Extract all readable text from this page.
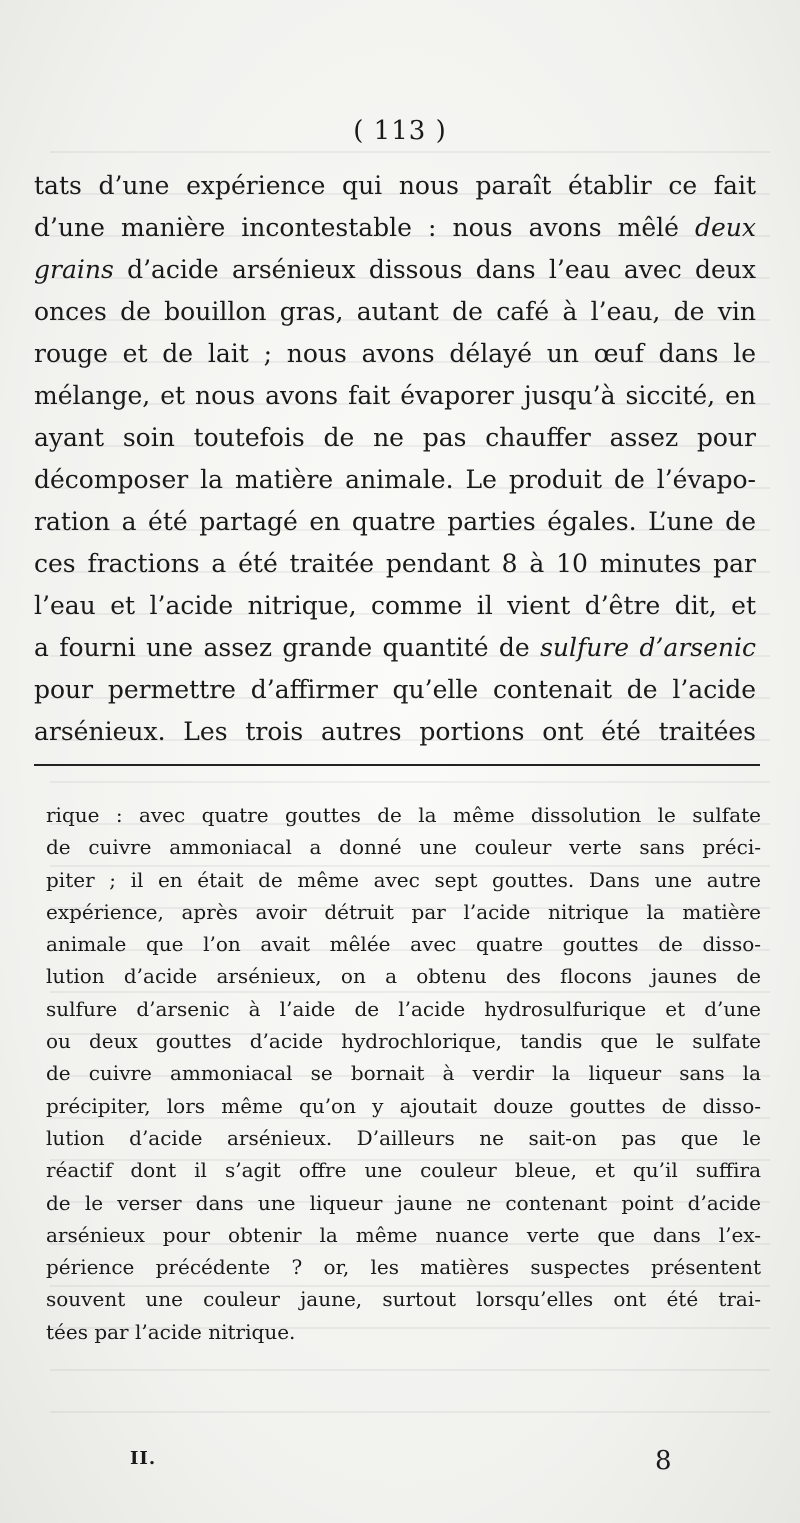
( 113 )
tats d’une expérience qui nous paraît établir ce fait
d’une manière incontestable : nous avons mêlé deux
grains d’acide arsénieux dissous dans l’eau avec deux
onces de bouillon gras, autant de café à l’eau, de vin
rouge et de lait ; nous avons délayé un œuf dans le
mélange, et nous avons fait évaporer jusqu’à siccité, en
ayant soin toutefois de ne pas chauffer assez pour
décomposer la matière animale. Le produit de l’évapo-
ration a été partagé en quatre parties égales. L’une de
ces fractions a été traitée pendant 8 à 10 minutes par
l’eau et l’acide nitrique, comme il vient d’être dit, et
a fourni une assez grande quantité de sulfure d’arsenic
pour permettre d’affirmer qu’elle contenait de l’acide
arsénieux. Les trois autres portions ont été traitées
rique : avec quatre gouttes de la même dissolution le sulfate
de cuivre ammoniacal a donné une couleur verte sans préci-
piter ; il en était de même avec sept gouttes. Dans une autre
expérience, après avoir détruit par l’acide nitrique la matière
animale que l’on avait mêlée avec quatre gouttes de disso-
lution d’acide arsénieux, on a obtenu des flocons jaunes de
sulfure d’arsenic à l’aide de l’acide hydrosulfurique et d’une
ou deux gouttes d’acide hydrochlorique, tandis que le sulfate
de cuivre ammoniacal se bornait à verdir la liqueur sans la
précipiter, lors même qu’on y ajoutait douze gouttes de disso-
lution d’acide arsénieux. D’ailleurs ne sait-on pas que le
réactif dont il s’agit offre une couleur bleue, et qu’il suffira
de le verser dans une liqueur jaune ne contenant point d’acide
arsénieux pour obtenir la même nuance verte que dans l’ex-
périence précédente ? or, les matières suspectes présentent
souvent une couleur jaune, surtout lorsqu’elles ont été trai-
tées par l’acide nitrique.
II.	8
